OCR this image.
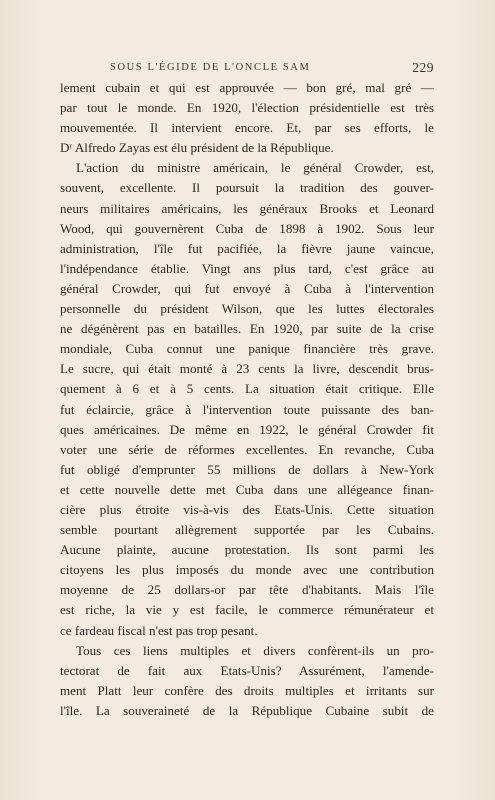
SOUS L'ÉGIDE DE L'ONCLE SAM	229
lement cubain et qui est approuvée — bon gré, mal gré —
par tout le monde. En 1920, l'élection présidentielle est très
mouvementée. Il intervient encore. Et, par ses efforts, le
Dʳ Alfredo Zayas est élu président de la République.
L'action du ministre américain, le général Crowder, est,
souvent, excellente. Il poursuit la tradition des gouver-
neurs militaires américains, les généraux Brooks et Leonard
Wood, qui gouvernèrent Cuba de 1898 à 1902. Sous leur
administration, l'île fut pacifiée, la fièvre jaune vaincue,
l'indépendance établie. Vingt ans plus tard, c'est grâce au
général Crowder, qui fut envoyé à Cuba à l'intervention
personnelle du président Wilson, que les luttes électorales
ne dégénèrent pas en batailles. En 1920, par suite de la crise
mondiale, Cuba connut une panique financière très grave.
Le sucre, qui était monté à 23 cents la livre, descendit brus-
quement à 6 et à 5 cents. La situation était critique. Elle
fut éclaircie, grâce à l'intervention toute puissante des ban-
ques américaines. De même en 1922, le général Crowder fit
voter une série de réformes excellentes. En revanche, Cuba
fut obligé d'emprunter 55 millions de dollars à New-York
et cette nouvelle dette met Cuba dans une allégeance finan-
cière plus étroite vis-à-vis des Etats-Unis. Cette situation
semble pourtant allègrement supportée par les Cubains.
Aucune plainte, aucune protestation. Ils sont parmi les
citoyens les plus imposés du monde avec une contribution
moyenne de 25 dollars-or par tête d'habitants. Mais l'île
est riche, la vie y est facile, le commerce rémunérateur et
ce fardeau fiscal n'est pas trop pesant.
Tous ces liens multiples et divers confèrent-ils un pro-
tectorat de fait aux Etats-Unis? Assurément, l'amende-
ment Platt leur confère des droits multiples et irritants sur
l'île. La souveraineté de la République Cubaine subit de
